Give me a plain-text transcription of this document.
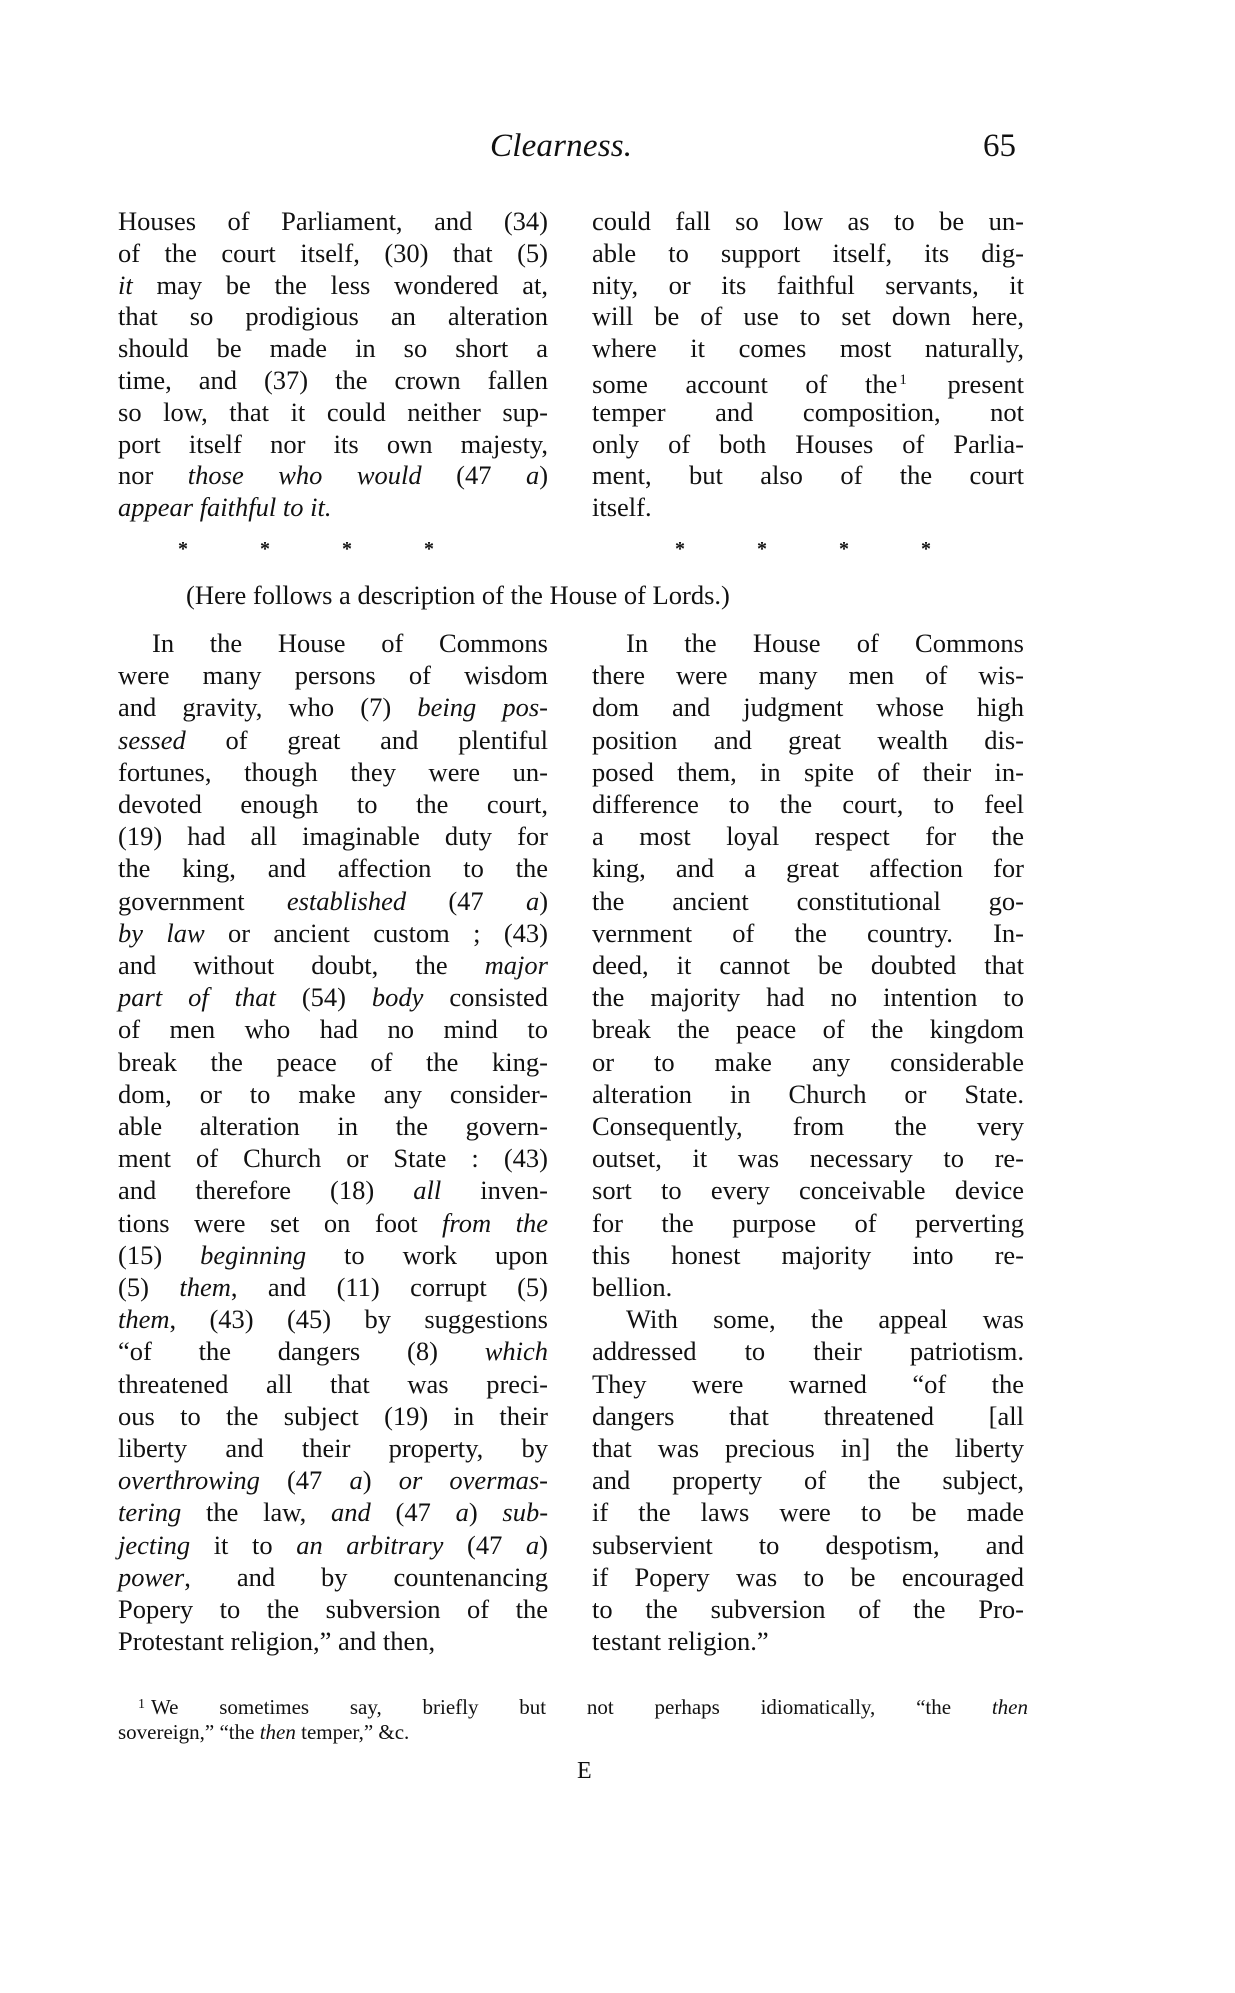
Clearness.	65
Houses of Parliament, and (34)
of the court itself, (30) that (5)
it may be the less wondered at,
that so prodigious an alteration
should be made in so short a
time, and (37) the crown fallen
so low, that it could neither sup-
port itself nor its own majesty,
nor those who would (47 a)
appear faithful to it.
could fall so low as to be un-
able to support itself, its dig-
nity, or its faithful servants, it
will be of use to set down here,
where it comes most naturally,
some account of the $^1$ present
temper and composition, not
only of both Houses of Parlia-
ment, but also of the court
itself.
*	*	*	*	*	*	*	*
(Here follows a description of the House of Lords.)
In the House of Commons
were many persons of wisdom
and gravity, who (7) being pos-
sessed of great and plentiful
fortunes, though they were un-
devoted enough to the court,
(19) had all imaginable duty for
the king, and affection to the
government established (47 a)
by law or ancient custom ; (43)
and without doubt, the major
part of that (54) body consisted
of men who had no mind to
break the peace of the king-
dom, or to make any consider-
able alteration in the govern-
ment of Church or State : (43)
and therefore (18) all inven-
tions were set on foot from the
(15) beginning to work upon
(5) them, and (11) corrupt (5)
them, (43) (45) by suggestions
“of the dangers (8) which
threatened all that was preci-
ous to the subject (19) in their
liberty and their property, by
overthrowing (47 a) or overmas-
tering the law, and (47 a) sub-
jecting it to an arbitrary (47 a)
power, and by countenancing
Popery to the subversion of the
Protestant religion,” and then,
In the House of Commons
there were many men of wis-
dom and judgment whose high
position and great wealth dis-
posed them, in spite of their in-
difference to the court, to feel
a most loyal respect for the
king, and a great affection for
the ancient constitutional go-
vernment of the country. In-
deed, it cannot be doubted that
the majority had no intention to
break the peace of the kingdom
or to make any considerable
alteration in Church or State.
Consequently, from the very
outset, it was necessary to re-
sort to every conceivable device
for the purpose of perverting
this honest majority into re-
bellion.
With some, the appeal was
addressed to their patriotism.
They were warned “of the
dangers that threatened [all
that was precious in] the liberty
and property of the subject,
if the laws were to be made
subservient to despotism, and
if Popery was to be encouraged
to the subversion of the Pro-
testant religion.”
$^1$ We sometimes say, briefly but not perhaps idiomatically, “the then
sovereign,” “the then temper,” &c.
E
